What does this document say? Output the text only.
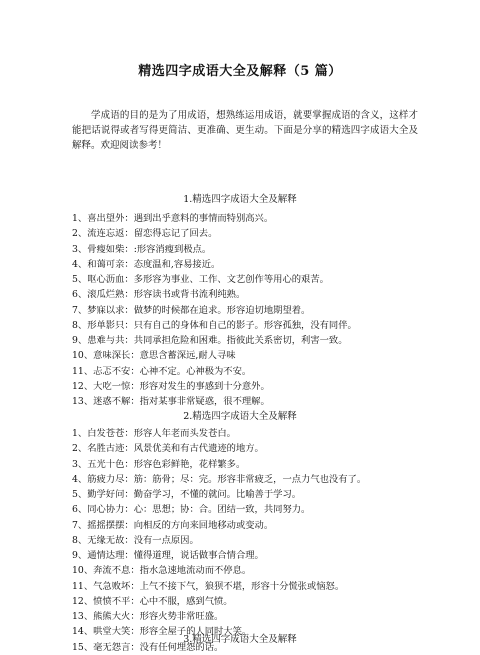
精选四字成语大全及解释（5 篇）

学成语的目的是为了用成语，想熟练运用成语，就要掌握成语的含义，这样才能把话说得或者写得更简洁、更准确、更生动。下面是分享的精选四字成语大全及解释。欢迎阅读参考！

1.精选四字成语大全及解释
1、喜出望外：遇到出乎意料的事情而特别高兴。
2、流连忘返：留恋得忘记了回去。
3、骨瘦如柴：:形容消瘦到极点。
4、和蔼可亲：态度温和,容易接近。
5、呕心沥血：多形容为事业、工作、文艺创作等用心的艰苦。
6、滚瓜烂熟：形容读书或背书流利纯熟。
7、梦寐以求：做梦的时候都在追求。形容迫切地期望着。
8、形单影只：只有自己的身体和自己的影子。形容孤独，没有同伴。
9、患难与共：共同承担危险和困难。指彼此关系密切，利害一致。
10、意味深长：意思含蓄深远,耐人寻味
11、忐忑不安：心神不定。心神极为不安。
12、大吃一惊：形容对发生的事感到十分意外。
13、迷惑不解：指对某事非常疑惑，很不理解。
2.精选四字成语大全及解释
1、白发苍苍：形容人年老而头发苍白。
2、名胜古迹：风景优美和有古代遗迹的地方。
3、五光十色：形容色彩鲜艳，花样繁多。
4、筋疲力尽：筋：筋骨；尽：完。形容非常疲乏，一点力气也没有了。
5、勤学好问：勤奋学习，不懂的就问。比喻善于学习。
6、同心协力：心：思想；协：合。团结一致，共同努力。
7、摇摇摆摆：向相反的方向来回地移动或变动。
8、无缘无故：没有一点原因。
9、通情达理：懂得道理，说话做事合情合理。
10、奔流不息：指水急速地流动而不停息。
11、气急败坏：上气不接下气，狼狈不堪，形容十分慌张或恼怒。
12、愤愤不平：心中不服，感到气愤。
13、熊熊大火：形容火势非常旺盛。
14、哄堂大笑：形容全屋子的人同时大笑。
15、毫无怨言：没有任何埋怨的话。
3.精选四字成语大全及解释
